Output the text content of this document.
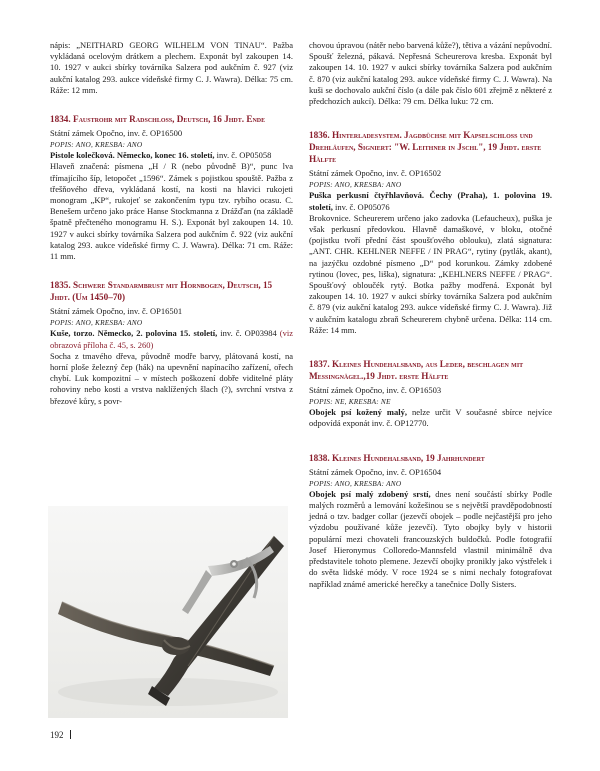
nápis: „NEITHARD GEORG WILHELM VON TINAU“. Pažba vykládaná ocelovým drátkem a plechem. Exponát byl zakoupen 14. 10. 1927 v aukci sbírky továrníka Salzera pod aukčním č. 927 (viz aukční katalog 293. aukce vídeňské firmy C. J. Wawra). Délka: 75 cm. Ráže: 12 mm.

1834. Faustrohr mit Radschloss, Deutsch, 16 Jhdt. Ende
Státní zámek Opočno, inv. č. OP16500
POPIS: ANO, KRESBA: ANO

Pistole kolečková. Německo, konec 16. století, inv. č. OP05058

Hlaveň značená: písmena „H / R (nebo původně B)“, punc lva třímajícího šíp, letopočet „1596“. Zámek s pojistkou spouště. Pažba z třešňového dřeva, vykládaná kostí, na kosti na hlavici rukojeti monogram „KP“, rukojeť se zakončením typu tzv. rybího ocasu. C. Benešem určeno jako práce Hanse Stockmanna z Drážďan (na základě špatně přečteného monogramu H. S.). Exponát byl zakoupen 14. 10. 1927 v aukci sbírky továrníka Salzera pod aukčním č. 922 (viz aukční katalog 293. aukce vídeňské firmy C. J. Wawra). Délka: 71 cm. Ráže: 11 mm.

1835. Schwere Standarmbrust mit Hornbogen, Deutsch, 15 Jhdt. (Um 1450–70)
Státní zámek Opočno, inv. č. OP16501
POPIS: ANO, KRESBA: ANO

Kuše, torzo. Německo, 2. polovina 15. století, inv. č. OP03984 (viz obrazová příloha č. 45, s. 260)

Socha z tmavého dřeva, původně modře barvy, plátovaná kostí, na horní ploše železný čep (hák) na upevnění napínacího zařízení, ořech chybí. Luk kompozitní – v místech poškození dobře viditelné pláty rohoviny nebo kosti a vrstva naklížených šlach (?), svrchní vrstva z březové kůry, s povr-

chovou úpravou (nátěr nebo barvená kůže?), tětiva a vázání nepůvodní. Spoušť železná, pákavá. Nepřesná Scheurerova kresba. Exponát byl zakoupen 14. 10. 1927 v aukci sbírky továrníka Salzera pod aukčním č. 870 (viz aukční katalog 293. aukce vídeňské firmy C. J. Wawra). Na kuši se dochovalo aukční číslo (a dále pak číslo 601 zřejmě z některé z předchozích aukcí). Délka: 79 cm. Délka luku: 72 cm.

1836. Hinterladesystem. Jagdbüchse mit Kapselschloss und Drehläufen, Signiert: "W. Leithner in Jschl", 19 Jhdt. erste Hälfte
Státní zámek Opočno, inv. č. OP16502
POPIS: ANO, KRESBA: ANO

Puška perkusní čtyřhlavňová. Čechy (Praha), 1. polovina 19. století, inv. č. OP05076

Brokovnice. Scheurerem určeno jako zadovka (Lefaucheux), puška je však perkusní předovkou. Hlavně damaškové, v bloku, otočné (pojistku tvoří přední část spoušťového oblouku), zlatá signatura: „ANT. CHR. KEHLNER NEFFE / IN PRAG“, rytiny (pytlák, akant), na jazýčku ozdobné písmeno „D“ pod korunkou. Zámky zdobené rytinou (lovec, pes, liška), signatura: „KEHLNERS NEFFE / PRAG“. Spoušťový obloučék rytý. Botka pažby modřená. Exponát byl zakoupen 14. 10. 1927 v aukci sbírky továrníka Salzera pod aukčním č. 879 (viz aukční katalog 293. aukce vídeňské firmy C. J. Wawra). Již v aukčním katalogu zbraň Scheurerem chybně určena. Délka: 114 cm. Ráže: 14 mm.

1837. Kleines Hundehalsband, aus Leder, beschlagen mit Messingnägel.,19 Jhdt. erste Hälfte
Státní zámek Opočno, inv. č. OP16503
POPIS: NE, KRESBA: NE

Obojek psí kožený malý, nelze určit V současné sbírce nejvíce odpovídá exponát inv. č. OP12770.

1838. Kleines Hundehalsband, 19 Jahrhundert
Státní zámek Opočno, inv. č. OP16504
POPIS: ANO, KRESBA: ANO

Obojek psí malý zdobený srstí, dnes není součástí sbírky Podle malých rozměrů a lemování kožešinou se s největší pravděpodobností jedná o tzv. badger collar (jezevčí obojek – podle nejčastější pro jeho výzdobu používané kůže jezevčí). Tyto obojky byly v historii populární mezi chovateli francouzských buldočků. Podle fotografií Josef Hieronymus Colloredo-Mannsfeld vlastnil minimálně dva představitele tohoto plemene. Jezevčí obojky pronikly jako výstřelek i do světa lidské módy. V roce 1924 se s nimi nechaly fotografovat například známé americké herečky a tanečnice Dolly Sisters.

192
